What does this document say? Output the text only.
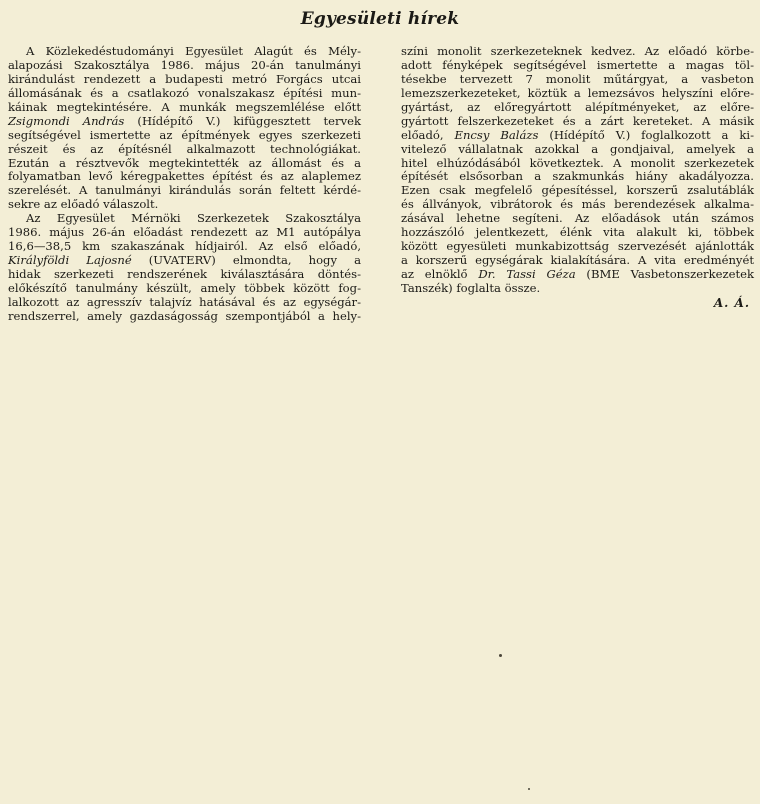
Egyesületi hírek
A Közlekedéstudományi Egyesület Alagút és Mély-
alapozási Szakosztálya 1986. május 20-án tanulmányi
kirándulást rendezett a budapesti metró Forgács utcai
állomásának és a csatlakozó vonalszakasz építési mun-
káinak megtekintésére. A munkák megszemlélése előtt
Zsigmondi András (Hídépítő V.) kifüggesztett tervek
segítségével ismertette az építmények egyes szerkezeti
részeit és az építésnél alkalmazott technológiákat.
Ezután a résztvevők megtekintették az állomást és a
folyamatban levő kéregpakettes építést és az alaplemez
szerelését. A tanulmányi kirándulás során feltett kérdé-
sekre az előadó válaszolt.
Az Egyesület Mérnöki Szerkezetek Szakosztálya
1986. május 26-án előadást rendezett az M1 autópálya
16,6—38,5 km szakaszának hídjairól. Az első előadó,
Királyföldi Lajosné (UVATERV) elmondta, hogy a
hidak szerkezeti rendszerének kiválasztására döntés-
előkészítő tanulmány készült, amely többek között fog-
lalkozott az agresszív talajvíz hatásával és az egységár-
rendszerrel, amely gazdaságosság szempontjából a hely-
színi monolit szerkezeteknek kedvez. Az előadó körbe-
adott fényképek segítségével ismertette a magas töl-
tésekbe tervezett 7 monolit műtárgyat, a vasbeton
lemezszerkezeteket, köztük a lemezsávos helyszíni előre-
gyártást, az előregyártott alépítményeket, az előre-
gyártott felszerkezeteket és a zárt kereteket. A másik
előadó, Encsy Balázs (Hídépítő V.) foglalkozott a ki-
vitelező vállalatnak azokkal a gondjaival, amelyek a
hitel elhúzódásából következtek. A monolit szerkezetek
építését elsősorban a szakmunkás hiány akadályozza.
Ezen csak megfelelő gépesítéssel, korszerű zsalutáblák
és állványok, vibrátorok és más berendezések alkalma-
zásával lehetne segíteni. Az előadások után számos
hozzászóló jelentkezett, élénk vita alakult ki, többek
között egyesületi munkabizottság szervezését ajánlották
a korszerű egységárak kialakítására. A vita eredményét
az elnöklő Dr. Tassi Géza (BME Vasbetonszerkezetek
Tanszék) foglalta össze.
A. Á.
